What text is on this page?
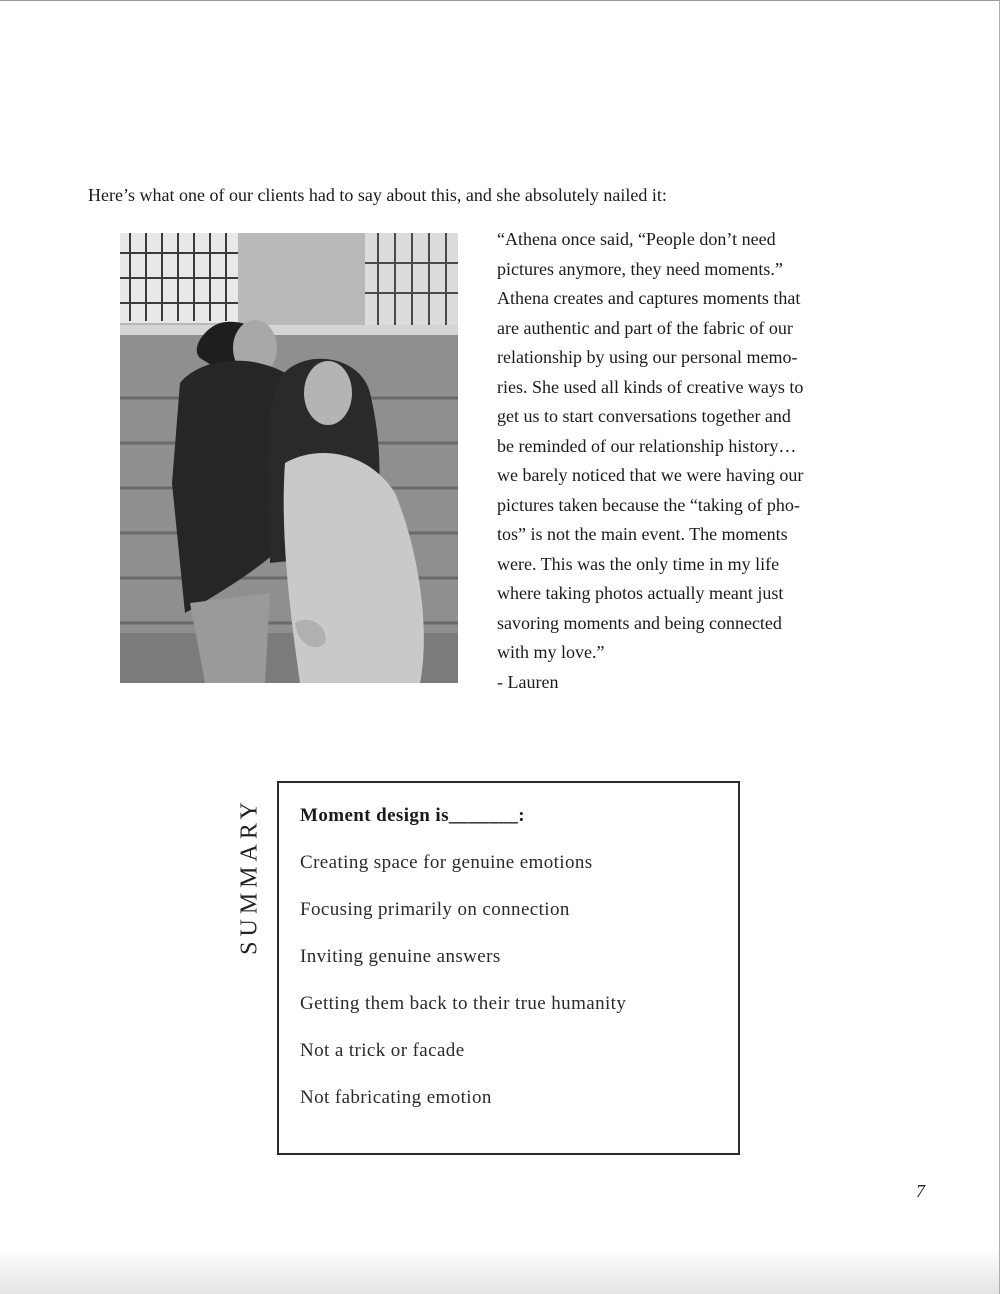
Here’s what one of our clients had to say about this, and she absolutely nailed it:
“Athena once said, “People don’t need
pictures anymore, they need moments.”
Athena creates and captures moments that
are authentic and part of the fabric of our
relationship by using our personal memo-
ries. She used all kinds of creative ways to
get us to start conversations together and
be reminded of our relationship history…
we barely noticed that we were having our
pictures taken because the “taking of pho-
tos” is not the main event. The moments
were. This was the only time in my life
where taking photos actually meant just
savoring moments and being connected
with my love.”
- Lauren
SUMMARY Moment design is_______:
Creating space for genuine emotions
Focusing primarily on connection
Inviting genuine answers
Getting them back to their true humanity
Not a trick or facade
Not fabricating emotion
7
